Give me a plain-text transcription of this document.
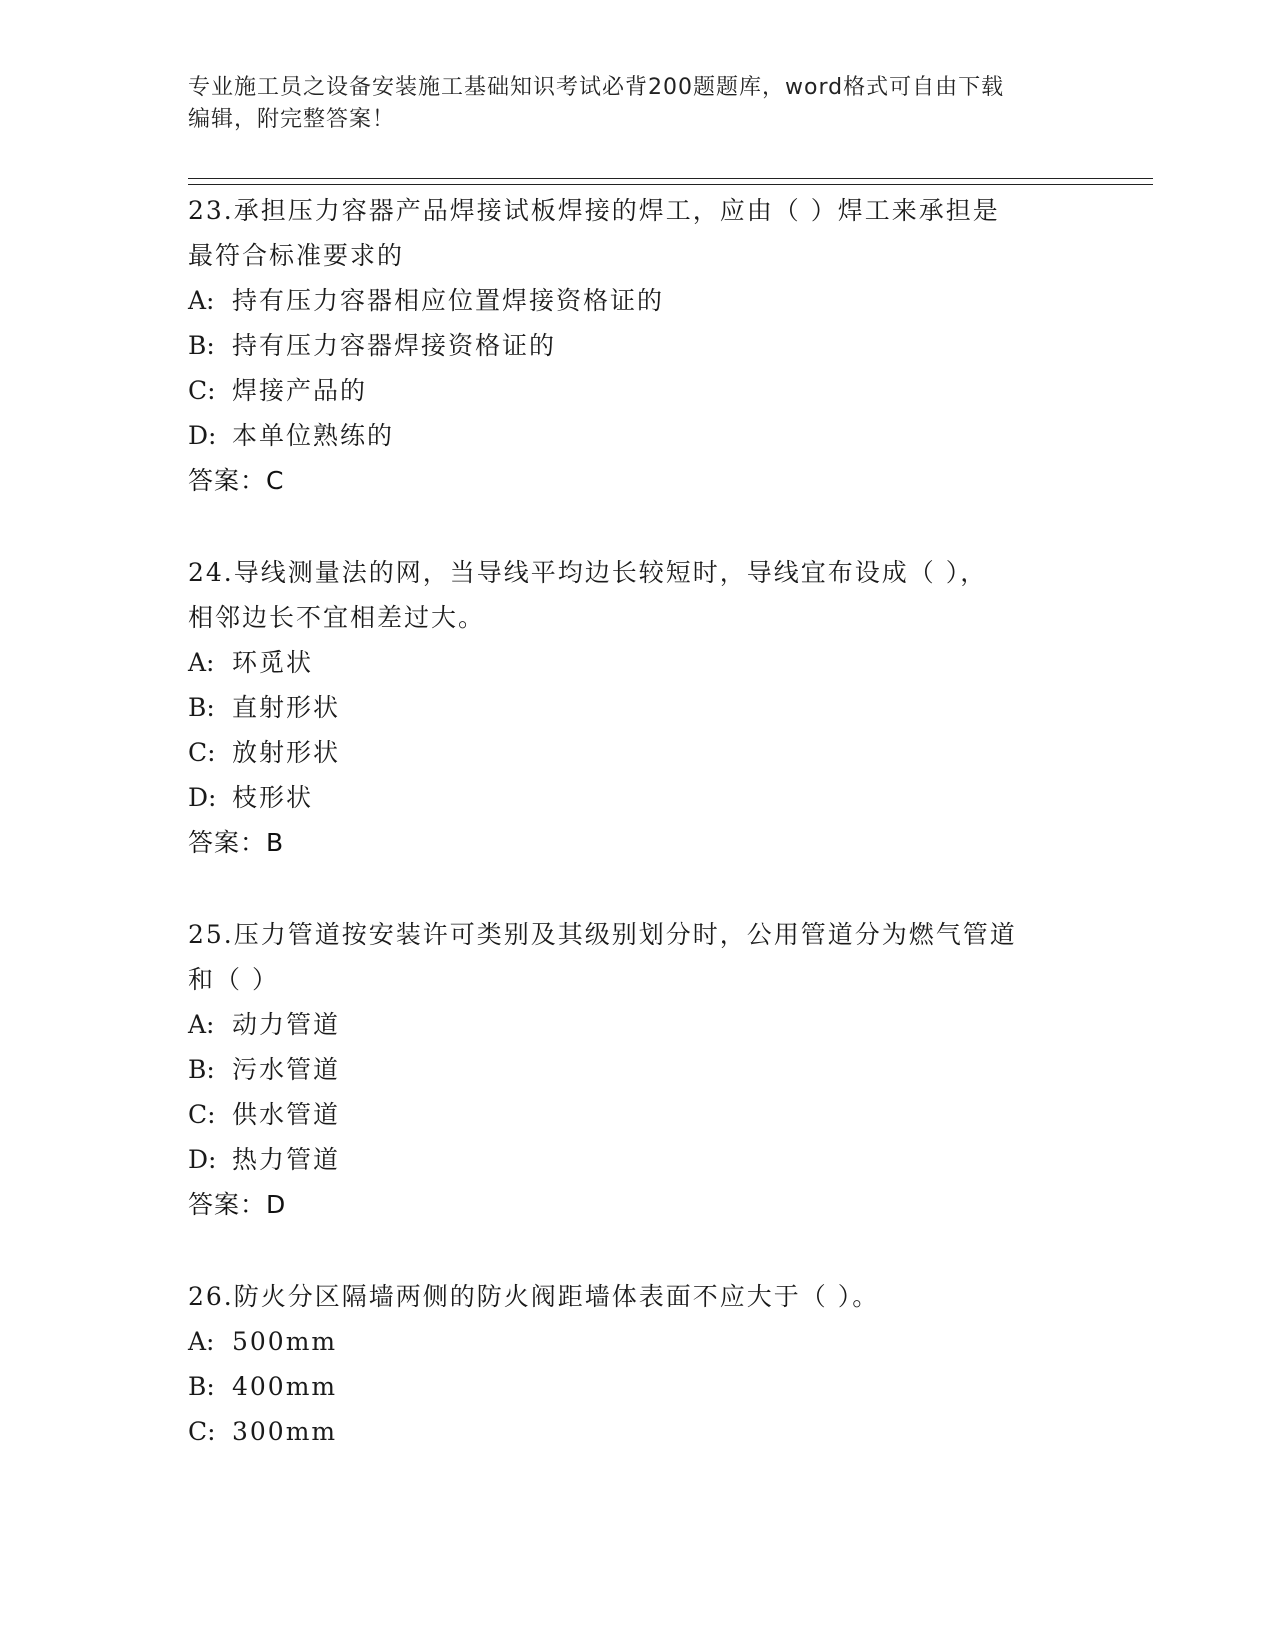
专业施工员之设备安装施工基础知识考试必背200题题库，word格式可自由下载
编辑，附完整答案！
23.承担压力容器产品焊接试板焊接的焊工，应由（ ）焊工来承担是
最符合标准要求的
A: 持有压力容器相应位置焊接资格证的
B: 持有压力容器焊接资格证的
C: 焊接产品的
D: 本单位熟练的
答案：C
24.导线测量法的网，当导线平均边长较短时，导线宜布设成（ ），
相邻边长不宜相差过大。
A: 环觅状
B: 直射形状
C: 放射形状
D: 枝形状
答案：B
25.压力管道按安装许可类别及其级别划分时，公用管道分为燃气管道
和（ ）
A: 动力管道
B: 污水管道
C: 供水管道
D: 热力管道
答案：D
26.防火分区隔墙两侧的防火阀距墙体表面不应大于（ ）。
A: 500mm
B: 400mm
C: 300mm
